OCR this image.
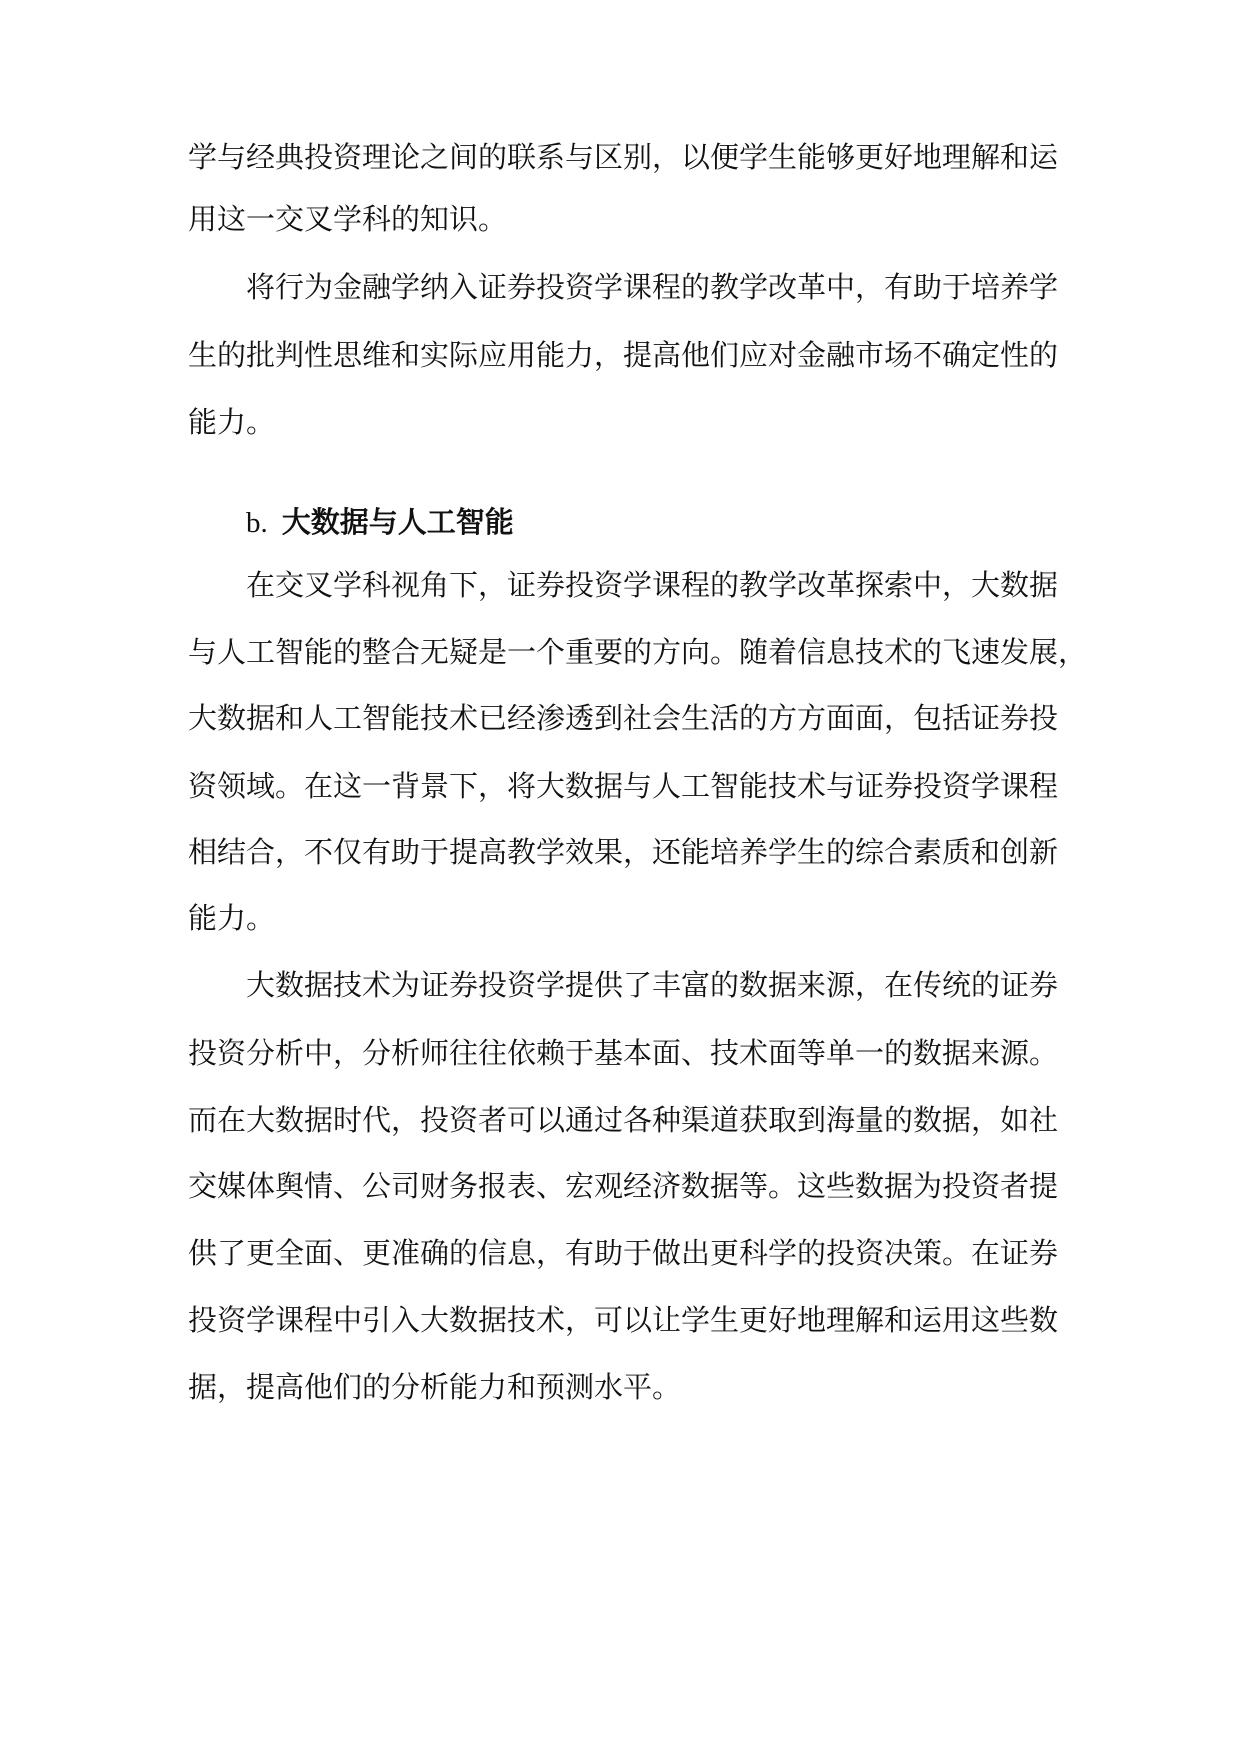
学与经典投资理论之间的联系与区别，以便学生能够更好地理解和运
用这一交叉学科的知识。
将行为金融学纳入证券投资学课程的教学改革中，有助于培养学
生的批判性思维和实际应用能力，提高他们应对金融市场不确定性的
能力。
b. 大数据与人工智能
在交叉学科视角下，证券投资学课程的教学改革探索中，大数据
与人工智能的整合无疑是一个重要的方向。随着信息技术的飞速发展，
大数据和人工智能技术已经渗透到社会生活的方方面面，包括证券投
资领域。在这一背景下，将大数据与人工智能技术与证券投资学课程
相结合，不仅有助于提高教学效果，还能培养学生的综合素质和创新
能力。
大数据技术为证券投资学提供了丰富的数据来源，在传统的证券
投资分析中，分析师往往依赖于基本面、技术面等单一的数据来源。
而在大数据时代，投资者可以通过各种渠道获取到海量的数据，如社
交媒体舆情、公司财务报表、宏观经济数据等。这些数据为投资者提
供了更全面、更准确的信息，有助于做出更科学的投资决策。在证券
投资学课程中引入大数据技术，可以让学生更好地理解和运用这些数
据，提高他们的分析能力和预测水平。
